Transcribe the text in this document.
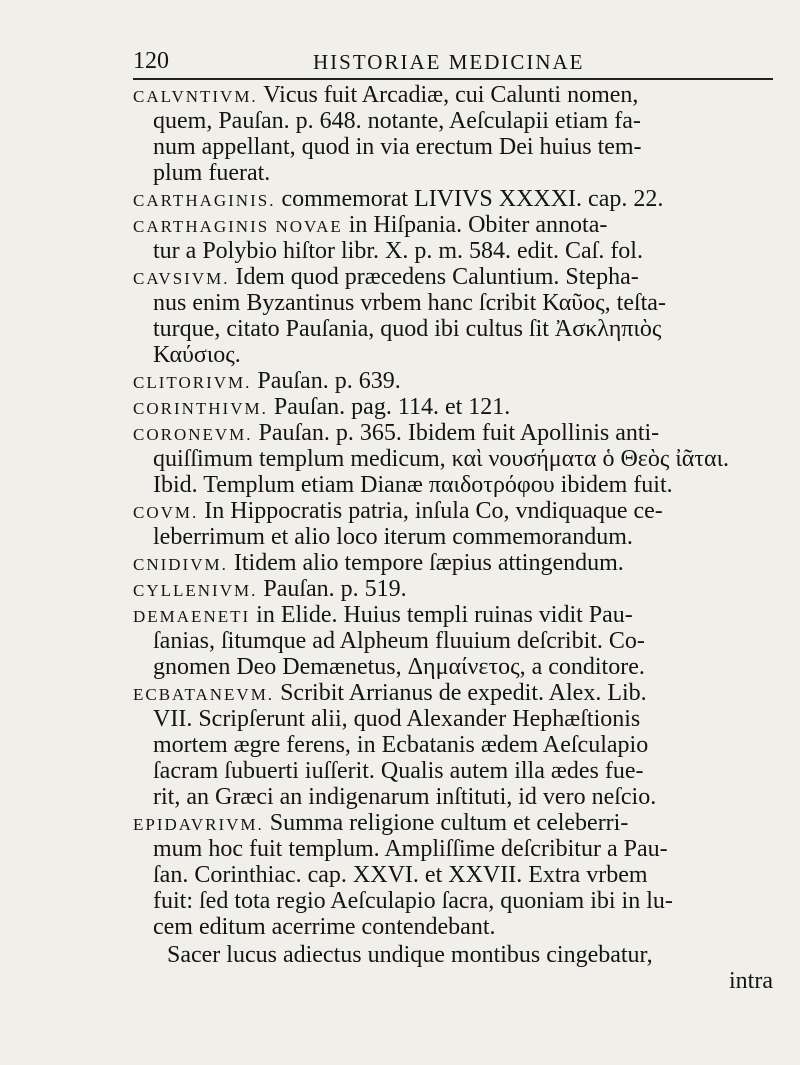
120	HISTORIAE MEDICINAE
CALVNTIVM. Vicus fuit Arcadiæ, cui Calunti nomen,
quem, Pauſan. p. 648. notante, Aeſculapii etiam fa-
num appellant, quod in via erectum Dei huius tem-
plum fuerat.
CARTHAGINIS. commemorat LIVIVS XXXXI. cap. 22.
CARTHAGINIS NOVAE in Hiſpania. Obiter annota-
tur a Polybio hiſtor libr. X. p. m. 584. edit. Caſ. fol.
CAVSIVM. Idem quod præcedens Caluntium. Stepha-
nus enim Byzantinus vrbem hanc ſcribit Καῦος, teſta-
turque, citato Pauſania, quod ibi cultus ſit Ἀσκληπιὸς
Καύσιος.
CLITORIVM. Pauſan. p. 639.
CORINTHIVM. Pauſan. pag. 114. et 121.
CORONEVM. Pauſan. p. 365. Ibidem fuit Apollinis anti-
quiſſimum templum medicum, καὶ νουσήματα ὁ Θεὸς ἰᾶται.
Ibid. Templum etiam Dianæ παιδοτρόφου ibidem fuit.
COVM. In Hippocratis patria, inſula Co, vndiquaque ce-
leberrimum et alio loco iterum commemorandum.
CNIDIVM. Itidem alio tempore ſæpius attingendum.
CYLLENIVM. Pauſan. p. 519.
DEMAENETI in Elide. Huius templi ruinas vidit Pau-
ſanias, ſitumque ad Alpheum fluuium deſcribit. Co-
gnomen Deo Demænetus, Δημαίνετος, a conditore.
ECBATANEVM. Scribit Arrianus de expedit. Alex. Lib.
VII. Scripſerunt alii, quod Alexander Hephæſtionis
mortem ægre ferens, in Ecbatanis ædem Aeſculapio
ſacram ſubuerti iuſſerit. Qualis autem illa ædes fue-
rit, an Græci an indigenarum inſtituti, id vero neſcio.
EPIDAVRIVM. Summa religione cultum et celeberri-
mum hoc fuit templum. Ampliſſime deſcribitur a Pau-
ſan. Corinthiac. cap. XXVI. et XXVII. Extra vrbem
fuit: ſed tota regio Aeſculapio ſacra, quoniam ibi in lu-
cem editum acerrime contendebant.
Sacer lucus adiectus undique montibus cingebatur,
intra
